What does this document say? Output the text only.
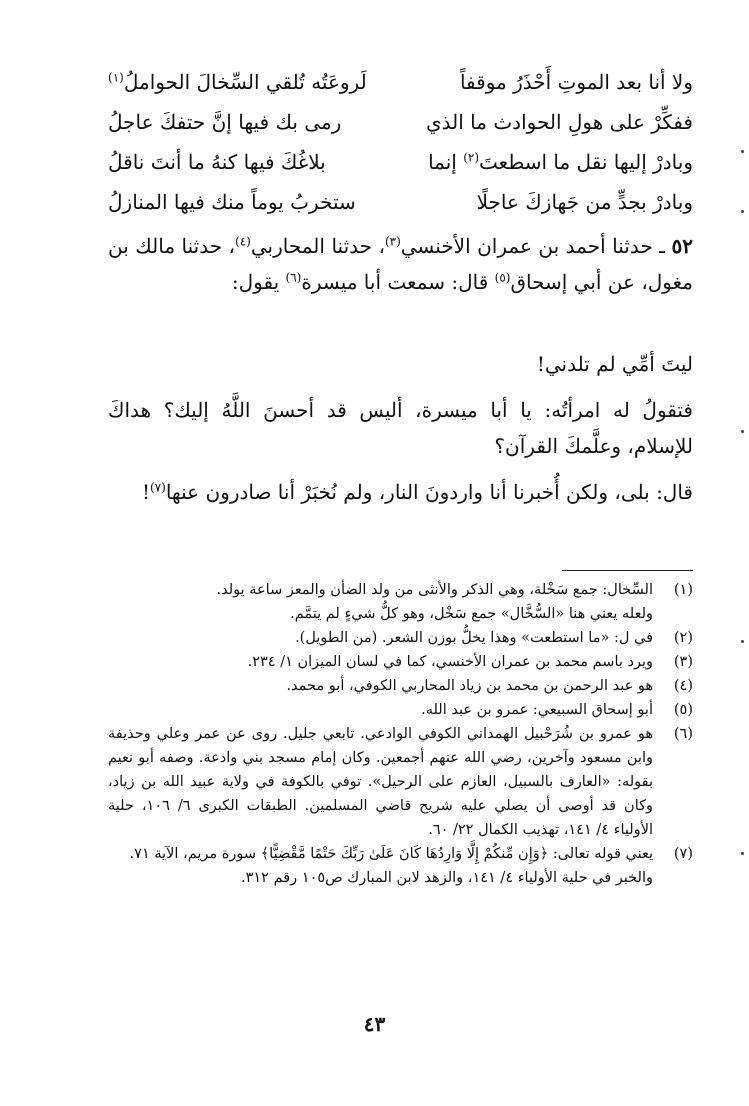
ولا أنا بعد الموتِ أَحْذَرُ موقفاً
لَروعَتُه تُلقي السِّخالَ الحواملُ$^{(١)}$
ففكِّرْ على هولِ الحوادث ما الذي
رمى بك فيها إنَّ حتفكَ عاجلُ
وبادرْ إليها نقل ما اسطعتَ$^{(٢)}$ إنما
بلاغُكَ فيها كنهُ ما أنتَ ناقلُ
وبادرْ بجدٍّ من جَهازكَ عاجلًا
ستخربُ يوماً منك فيها المنازلُ

٥٢ ـ حدثنا أحمد بن عمران الأخنسي$^{(٣)}$، حدثنا المحاربي$^{(٤)}$، حدثنا مالك بن مغول، عن أبي إسحاق$^{(٥)}$ قال: سمعت أبا ميسرة$^{(٦)}$ يقول:

ليتَ أمِّي لم تلدني!

فتقولُ له امرأتُه: يا أبا ميسرة، أليس قد أحسنَ اللَّهُ إليك؟ هداكَ للإسلام، وعلَّمكَ القرآن؟

قال: بلى، ولكن أُخبرنا أنا واردونَ النار، ولم نُخبَرْ أنا صادرون عنها$^{(٧)}$!

(١)
السِّخال: جمع سَخْلة، وهي الذكر والأنثى من ولد الضأن والمعز ساعة يولد.
ولعله يعني هنا «السُّخَّال» جمع سَخْل، وهو كلُّ شيءٍ لم يتمَّم.
(٢)
في ل: «ما استطعت» وهذا يخلُّ بوزن الشعر. (من الطويل).
(٣)
ويرد باسم محمد بن عمران الأخنسي، كما في لسان الميزان ١/ ٢٣٤.
(٤)
هو عبد الرحمن بن محمد بن زياد المحاربي الكوفي، أبو محمد.
(٥)
أبو إسحاق السبيعي: عمرو بن عبد الله.
(٦)
هو عمرو بن شُرَحْبيل الهمداني الكوفي الوادعي. تابعي جليل. روى عن عمر وعلي وحذيفة وابن مسعود وآخرين، رضي الله عنهم أجمعين. وكان إمام مسجد بني وادعة. وصفه أبو نعيم بقوله: «العارف بالسبيل، العازم على الرحيل». توفي بالكوفة في ولاية عبيد الله بن زياد، وكان قد أوصى أن يصلي عليه شريح قاضي المسلمين. الطبقات الكبرى ٦/ ١٠٦، حلية الأولياء ٤/ ١٤١، تهذيب الكمال ٢٢/ ٦٠.
(٧)
يعني قوله تعالى: ﴿وَإِن مِّنكُمْ إِلَّا وَارِدُهَا كَانَ عَلَىٰ رَبِّكَ حَتْمًا مَّقْضِيًّا﴾ سورة مريم، الآية ٧١.

والخبر في حلية الأولياء ٤/ ١٤١، والزهد لابن المبارك ص١٠٥ رقم ٣١٢.

٤٣
